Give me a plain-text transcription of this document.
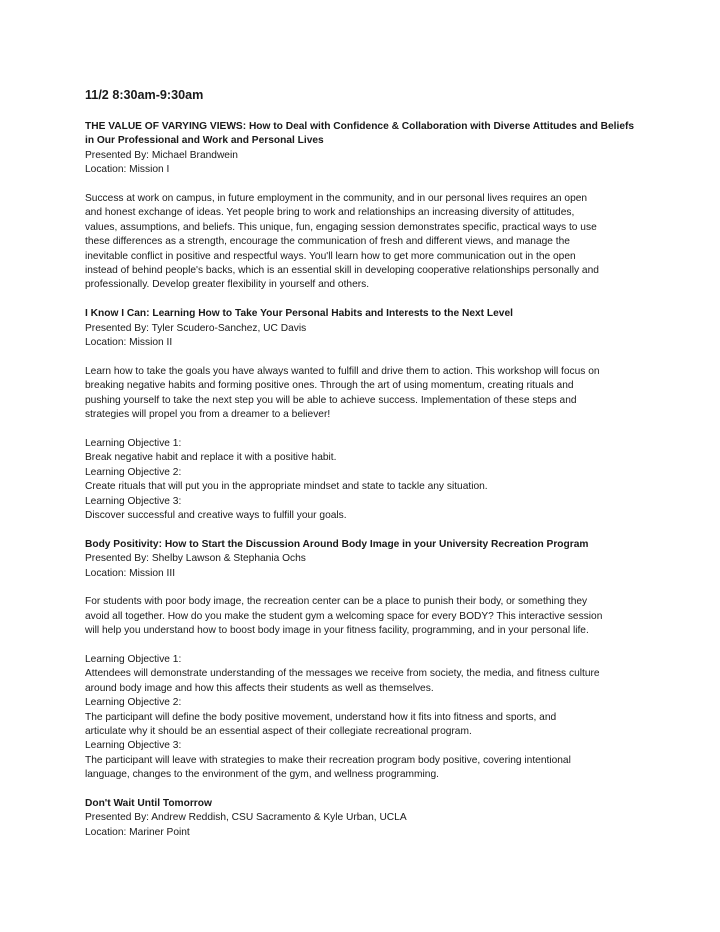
11/2 8:30am-9:30am

THE VALUE OF VARYING VIEWS: How to Deal with Confidence & Collaboration with Diverse Attitudes and Beliefs

in Our Professional and Work and Personal Lives

Presented By: Michael Brandwein

Location: Mission I

Success at work on campus, in future employment in the community, and in our personal lives requires an open

and honest exchange of ideas. Yet people bring to work and relationships an increasing diversity of attitudes,

values, assumptions, and beliefs. This unique, fun, engaging session demonstrates specific, practical ways to use

these differences as a strength, encourage the communication of fresh and different views, and manage the

inevitable conflict in positive and respectful ways. You'll learn how to get more communication out in the open

instead of behind people's backs, which is an essential skill in developing cooperative relationships personally and

professionally. Develop greater flexibility in yourself and others.

I Know I Can: Learning How to Take Your Personal Habits and Interests to the Next Level

Presented By: Tyler Scudero-Sanchez, UC Davis

Location: Mission II

Learn how to take the goals you have always wanted to fulfill and drive them to action. This workshop will focus on

breaking negative habits and forming positive ones. Through the art of using momentum, creating rituals and

pushing yourself to take the next step you will be able to achieve success. Implementation of these steps and

strategies will propel you from a dreamer to a believer!

Learning Objective 1:

Break negative habit and replace it with a positive habit.

Learning Objective 2:

Create rituals that will put you in the appropriate mindset and state to tackle any situation.

Learning Objective 3:

Discover successful and creative ways to fulfill your goals.

Body Positivity: How to Start the Discussion Around Body Image in your University Recreation Program

Presented By: Shelby Lawson & Stephania Ochs

Location: Mission III

For students with poor body image, the recreation center can be a place to punish their body, or something they

avoid all together. How do you make the student gym a welcoming space for every BODY? This interactive session

will help you understand how to boost body image in your fitness facility, programming, and in your personal life.

Learning Objective 1:

Attendees will demonstrate understanding of the messages we receive from society, the media, and fitness culture

around body image and how this affects their students as well as themselves.

Learning Objective 2:

The participant will define the body positive movement, understand how it fits into fitness and sports, and

articulate why it should be an essential aspect of their collegiate recreational program.

Learning Objective 3:

The participant will leave with strategies to make their recreation program body positive, covering intentional

language, changes to the environment of the gym, and wellness programming.

Don't Wait Until Tomorrow

Presented By: Andrew Reddish, CSU Sacramento & Kyle Urban, UCLA

Location: Mariner Point
